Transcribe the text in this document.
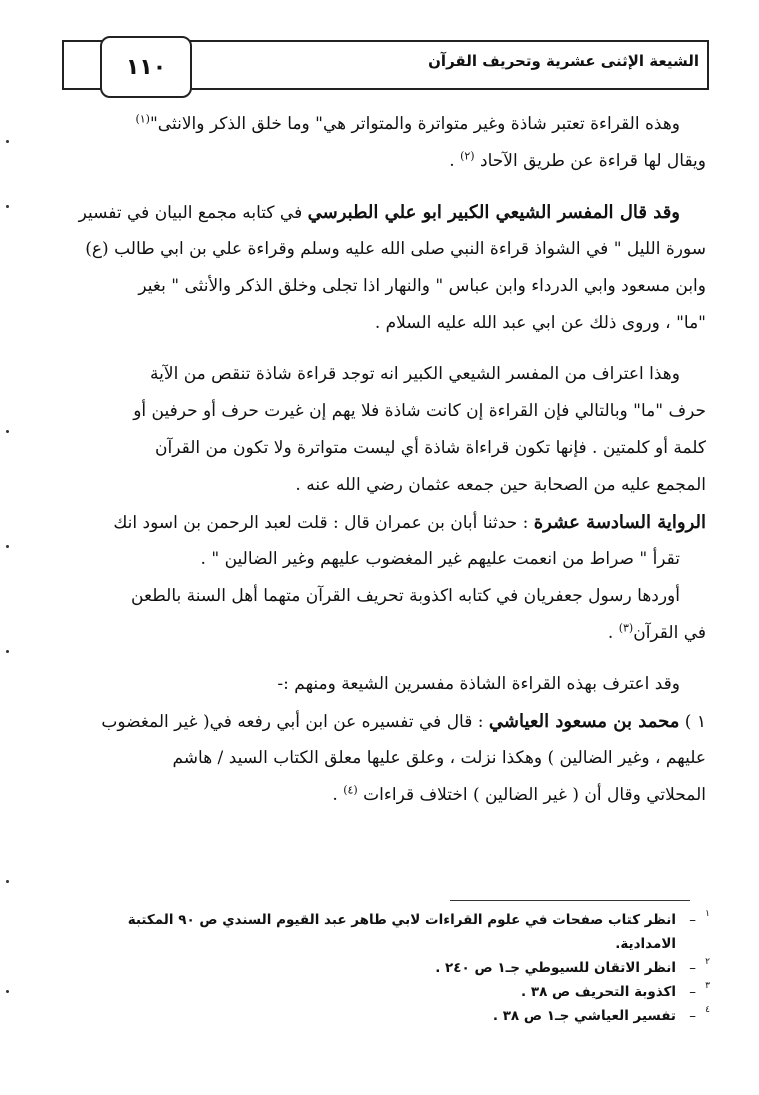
١١٠	الشيعة الإثنى عشرية وتحريف القرآن
وهذه القراءة تعتبر شاذة وغير متواترة والمتواتر هي" وما خلق الذكر والانثى"$^{(١)}$
ويقال لها قراءة عن طريق الآحاد $^{(٢)}$ .
وقد قال المفسر الشيعي الكبير ابو علي الطبرسي في كتابه مجمع البيان في تفسير
سورة الليل " في الشواذ قراءة النبي صلى الله عليه وسلم وقراءة علي بن ابي طالب (ع)
وابن مسعود وابي الدرداء وابن عباس " والنهار اذا تجلى وخلق الذكر والأنثى " بغير
"ما" ، وروى ذلك عن ابي عبد الله عليه السلام .
وهذا اعتراف من المفسر الشيعي الكبير انه توجد قراءة شاذة تنقص من الآية
حرف "ما" وبالتالي فإن القراءة إن كانت شاذة فلا يهم إن غيرت حرف أو حرفين أو
كلمة أو كلمتين . فإنها تكون قراءاة شاذة أي ليست متواترة ولا تكون من القرآن
المجمع عليه من الصحابة حين جمعه عثمان رضي الله عنه .
الرواية السادسة عشرة : حدثنا أبان بن عمران قال : قلت لعبد الرحمن بن اسود انك
تقرأ " صراط من انعمت عليهم غير المغضوب عليهم وغير الضالين " .
أوردها رسول جعفريان في كتابه اكذوبة تحريف القرآن متهما أهل السنة بالطعن
في القرآن$^{(٣)}$ .
وقد اعترف بهذه القراءة الشاذة مفسرين الشيعة ومنهم :-
١ ) محمد بن مسعود العياشي : قال في تفسيره عن ابن أبي رفعه في( غير المغضوب
عليهم ، وغير الضالين ) وهكذا نزلت ، وعلق عليها معلق الكتاب السيد / هاشم
المحلاتي وقال أن ( غير الضالين ) اختلاف قراءات $^{(٤)}$ .
١
–
انظر كتاب صفحات في علوم القراءات لابي طاهر عبد القيوم السندي ص ٩٠ المكتبة الامدادية.
٢
–
انظر الاتقان للسيوطي جـ١ ص ٢٤٠ .
٣
–
اكذوبة التحريف ص ٣٨ .
٤
–
تفسير العياشي جـ١ ص ٣٨ .
